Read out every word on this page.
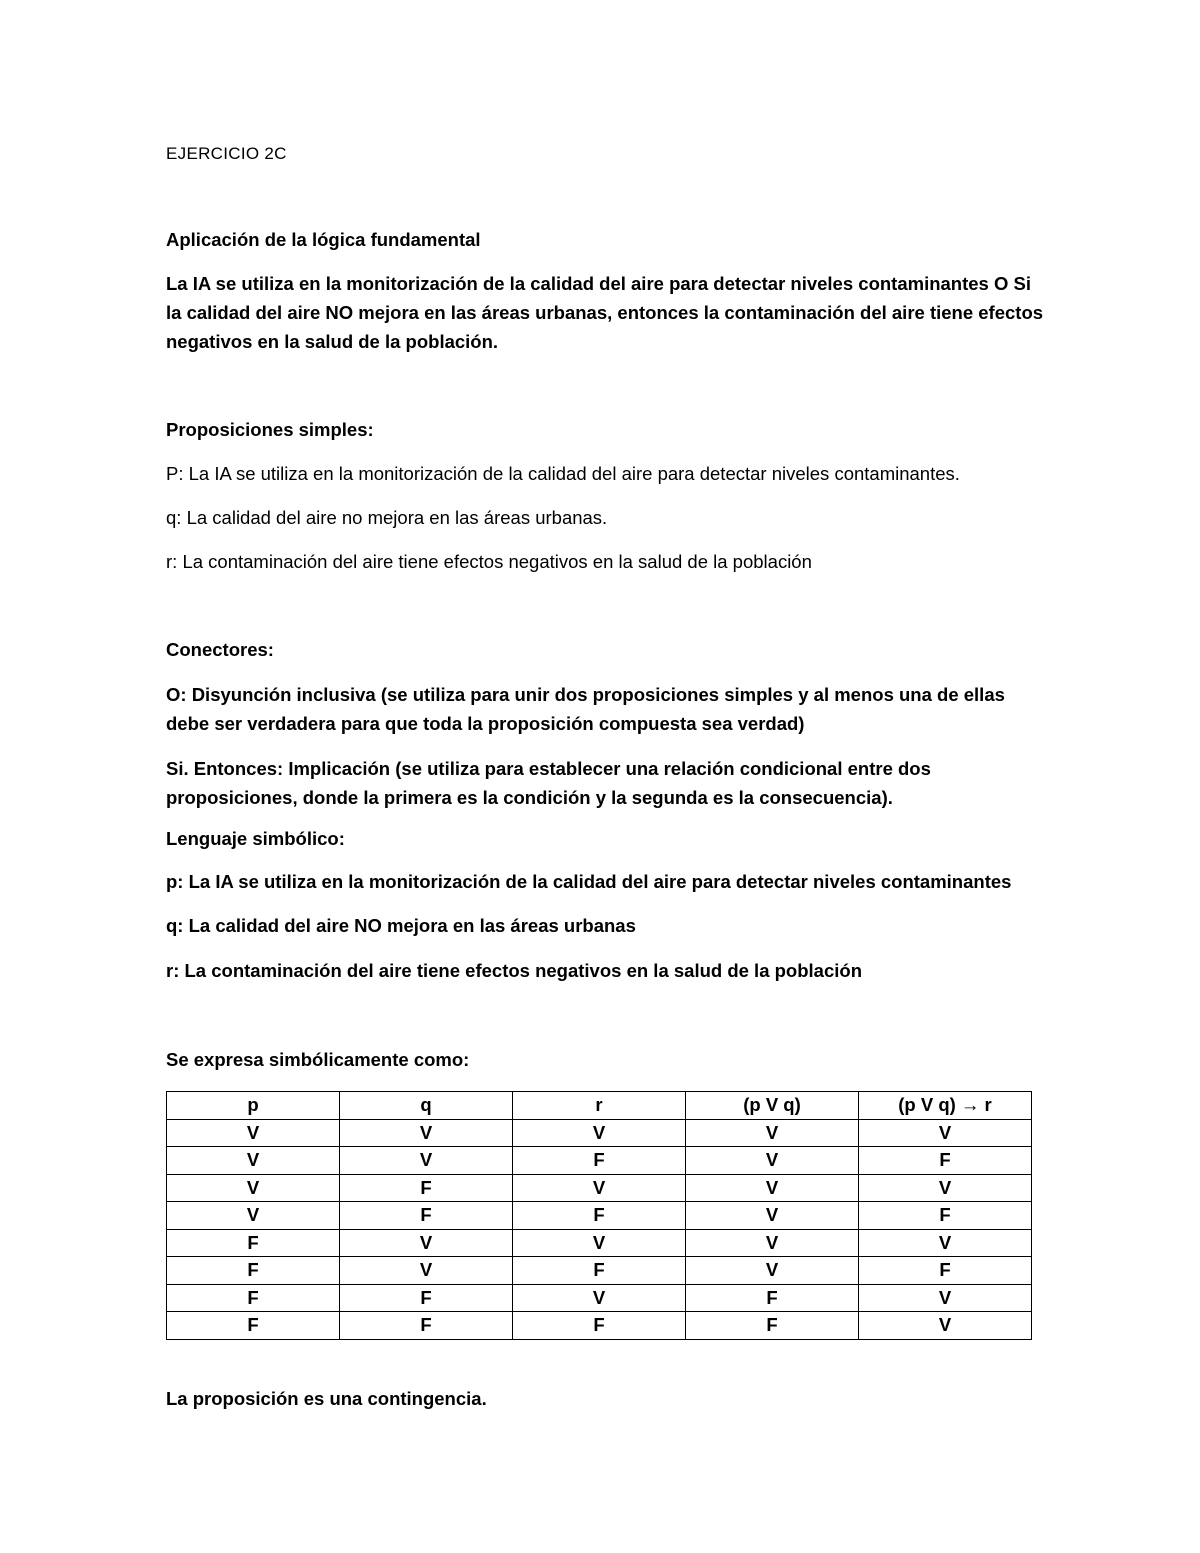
EJERCICIO 2C
Aplicación de la lógica fundamental
La IA se utiliza en la monitorización de la calidad del aire para detectar niveles contaminantes O Si la calidad del aire NO mejora en las áreas urbanas, entonces la contaminación del aire tiene efectos negativos en la salud de la población.
Proposiciones simples:
P: La IA se utiliza en la monitorización de la calidad del aire para detectar niveles contaminantes.
q: La calidad del aire no mejora en las áreas urbanas.
r: La contaminación del aire tiene efectos negativos en la salud de la población
Conectores:
O: Disyunción inclusiva (se utiliza para unir dos proposiciones simples y al menos una de ellas debe ser verdadera para que toda la proposición compuesta sea verdad)
Si. Entonces: Implicación (se utiliza para establecer una relación condicional entre dos proposiciones, donde la primera es la condición y la segunda es la consecuencia).
Lenguaje simbólico:
p: La IA se utiliza en la monitorización de la calidad del aire para detectar niveles contaminantes
q: La calidad del aire NO mejora en las áreas urbanas
r: La contaminación del aire tiene efectos negativos en la salud de la población
Se expresa simbólicamente como:
p	q	r	(p V q)	(p V q) → r
V	V	V	V	V
V	V	F	V	F
V	F	V	V	V
V	F	F	V	F
F	V	V	V	V
F	V	F	V	F
F	F	V	F	V
F	F	F	F	V
La proposición es una contingencia.
